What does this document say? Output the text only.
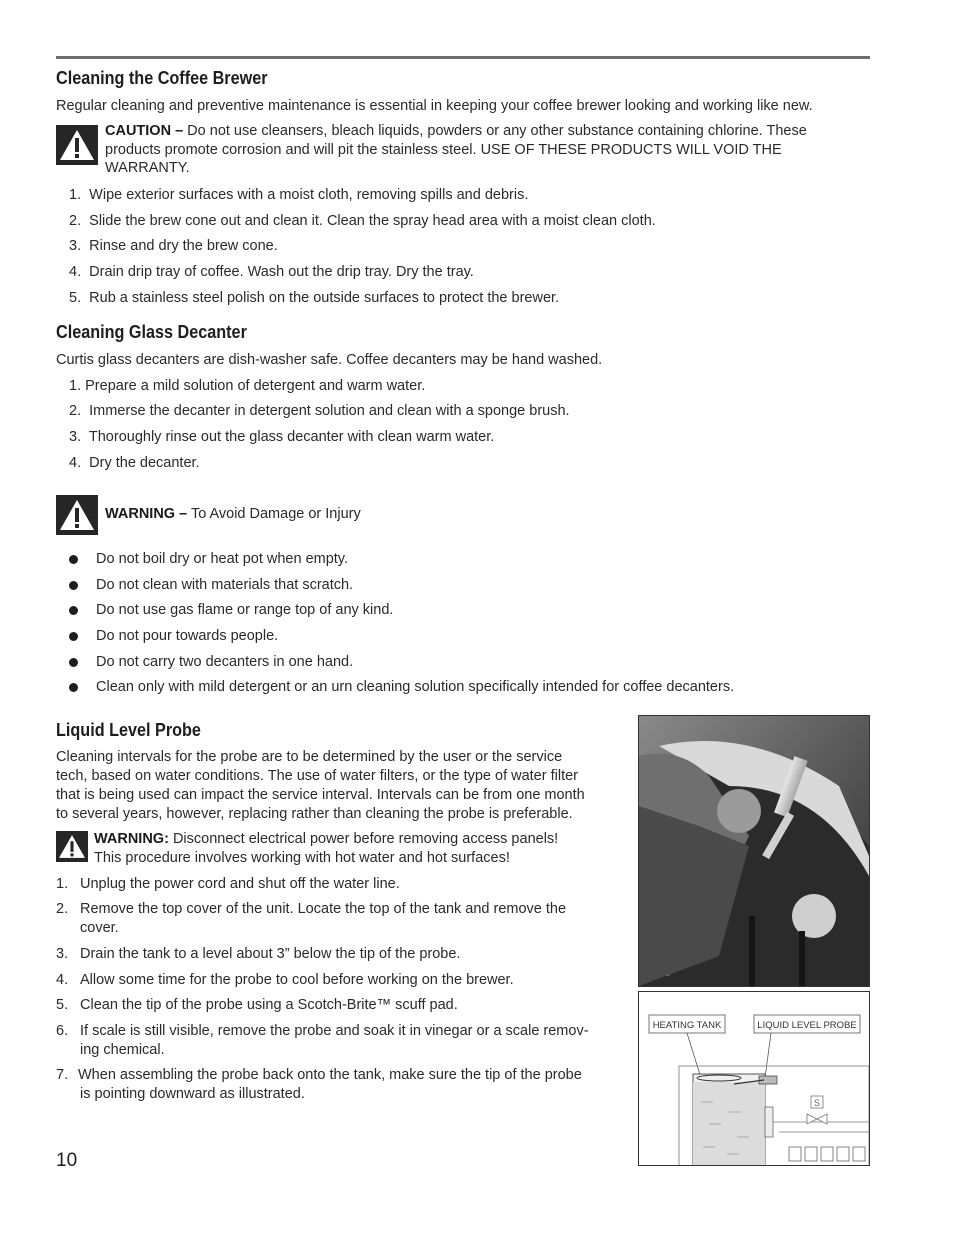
Cleaning the Coffee Brewer
Regular cleaning and preventive maintenance is essential in keeping your coffee brewer looking and working like new.
CAUTION – Do not use cleansers, bleach liquids, powders or any other substance containing chlorine. These
products promote corrosion and will pit the stainless steel. USE OF THESE PRODUCTS WILL VOID THE
WARRANTY.
1. Wipe exterior surfaces with a moist cloth, removing spills and debris.
2. Slide the brew cone out and clean it. Clean the spray head area with a moist clean cloth.
3. Rinse and dry the brew cone.
4. Drain drip tray of coffee. Wash out the drip tray. Dry the tray.
5. Rub a stainless steel polish on the outside surfaces to protect the brewer.
Cleaning Glass Decanter
Curtis glass decanters are dish-washer safe. Coffee decanters may be hand washed.
1. Prepare a mild solution of detergent and warm water.
2. Immerse the decanter in detergent solution and clean with a sponge brush.
3. Thoroughly rinse out the glass decanter with clean warm water.
4. Dry the decanter.
WARNING – To Avoid Damage or Injury
Do not boil dry or heat pot when empty.
Do not clean with materials that scratch.
Do not use gas flame or range top of any kind.
Do not pour towards people.
Do not carry two decanters in one hand.
Clean only with mild detergent or an urn cleaning solution specifically intended for coffee decanters.
Liquid Level Probe
Cleaning intervals for the probe are to be determined by the user or the service
tech, based on water conditions. The use of water filters, or the type of water filter
that is being used can impact the service interval. Intervals can be from one month
to several years, however, replacing rather than cleaning the probe is preferable.
WARNING: Disconnect electrical power before removing access panels!
This procedure involves working with hot water and hot surfaces!
1. Unplug the power cord and shut off the water line.
2. Remove the top cover of the unit. Locate the top of the tank and remove the
cover.
3. Drain the tank to a level about 3” below the tip of the probe.
4. Allow some time for the probe to cool before working on the brewer.
5. Clean the tip of the probe using a Scotch-Brite™ scuff pad.
6. If scale is still visible, remove the probe and soak it in vinegar or a scale remov-
ing chemical.
7. When assembling the probe back onto the tank, make sure the tip of the probe
is pointing downward as illustrated.
HEATING TANK	LIQUID LEVEL PROBE
S
10
